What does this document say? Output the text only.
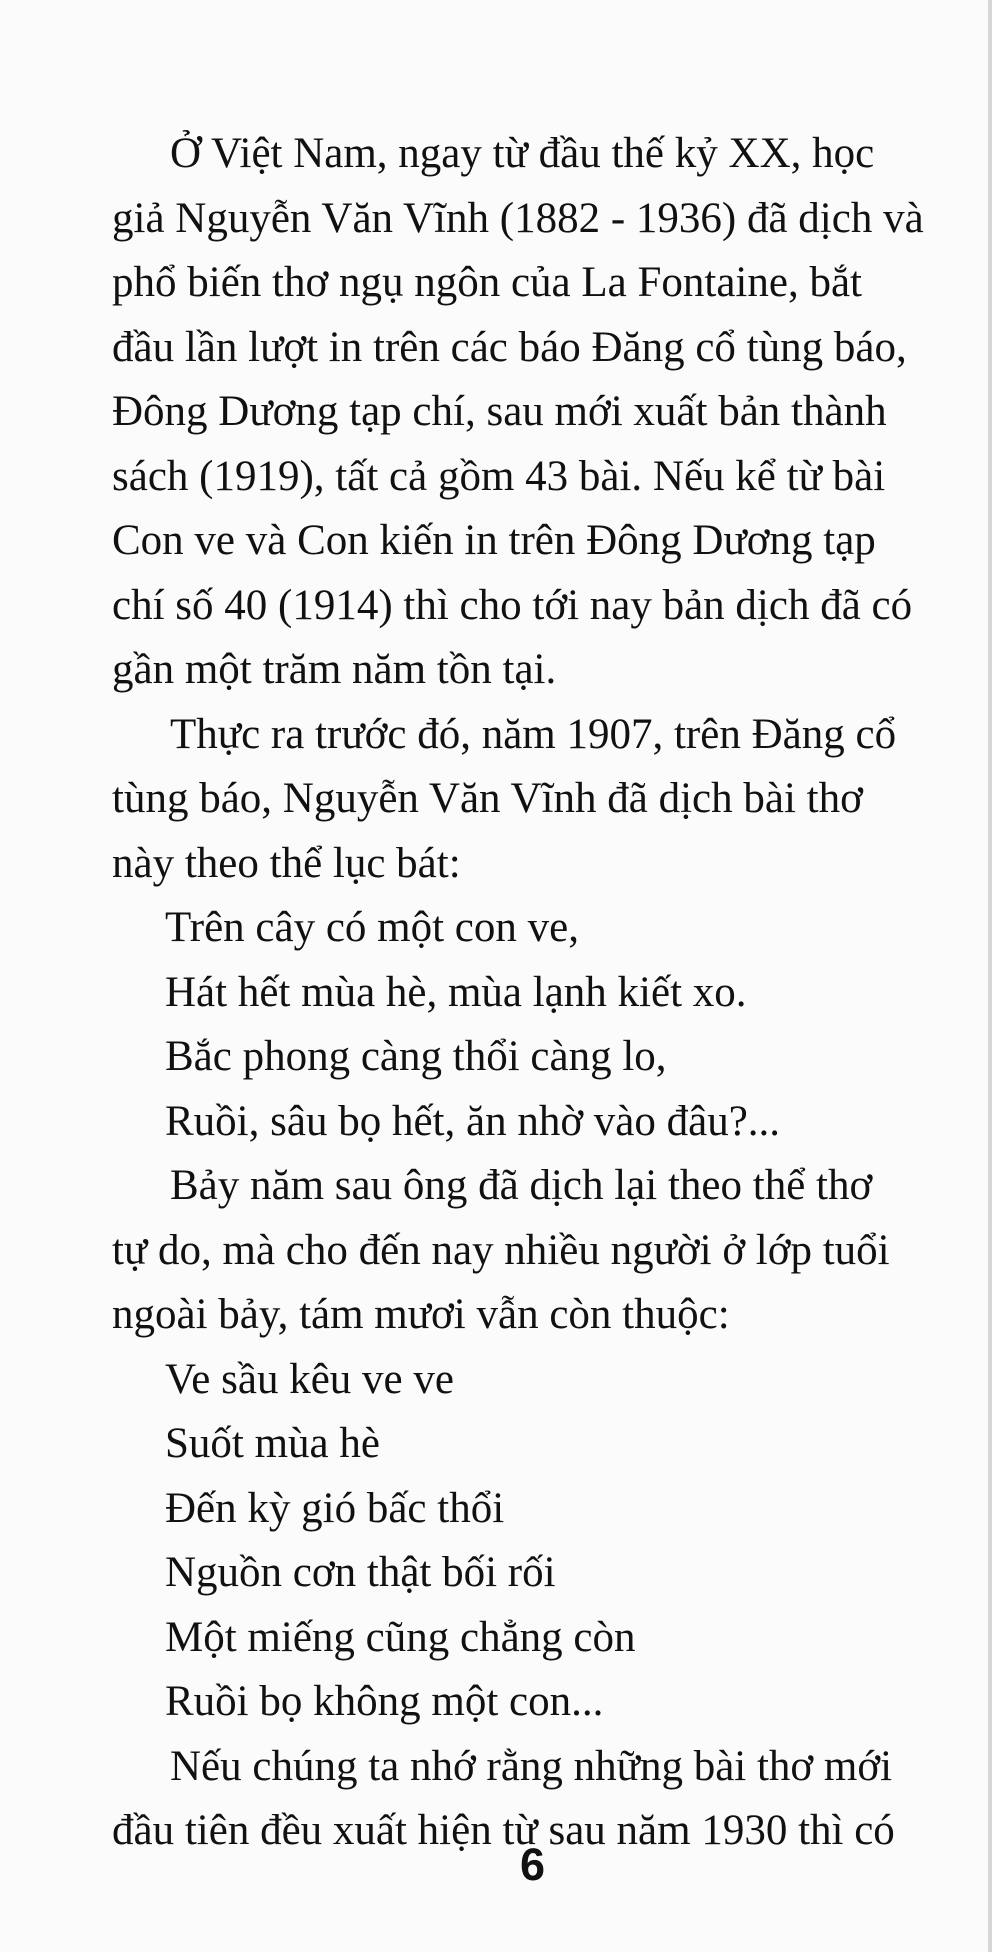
Ở Việt Nam, ngay từ đầu thế kỷ XX, học
giả Nguyễn Văn Vĩnh (1882 - 1936) đã dịch và
phổ biến thơ ngụ ngôn của La Fontaine, bắt
đầu lần lượt in trên các báo Đăng cổ tùng báo,
Đông Dương tạp chí, sau mới xuất bản thành
sách (1919), tất cả gồm 43 bài. Nếu kể từ bài
Con ve và Con kiến in trên Đông Dương tạp
chí số 40 (1914) thì cho tới nay bản dịch đã có
gần một trăm năm tồn tại.
Thực ra trước đó, năm 1907, trên Đăng cổ
tùng báo, Nguyễn Văn Vĩnh đã dịch bài thơ
này theo thể lục bát:
Trên cây có một con ve,
Hát hết mùa hè, mùa lạnh kiết xo.
Bắc phong càng thổi càng lo,
Ruồi, sâu bọ hết, ăn nhờ vào đâu?...
Bảy năm sau ông đã dịch lại theo thể thơ
tự do, mà cho đến nay nhiều người ở lớp tuổi
ngoài bảy, tám mươi vẫn còn thuộc:
Ve sầu kêu ve ve
Suốt mùa hè
Đến kỳ gió bấc thổi
Nguồn cơn thật bối rối
Một miếng cũng chẳng còn
Ruồi bọ không một con...
Nếu chúng ta nhớ rằng những bài thơ mới
đầu tiên đều xuất hiện từ sau năm 1930 thì có
6
